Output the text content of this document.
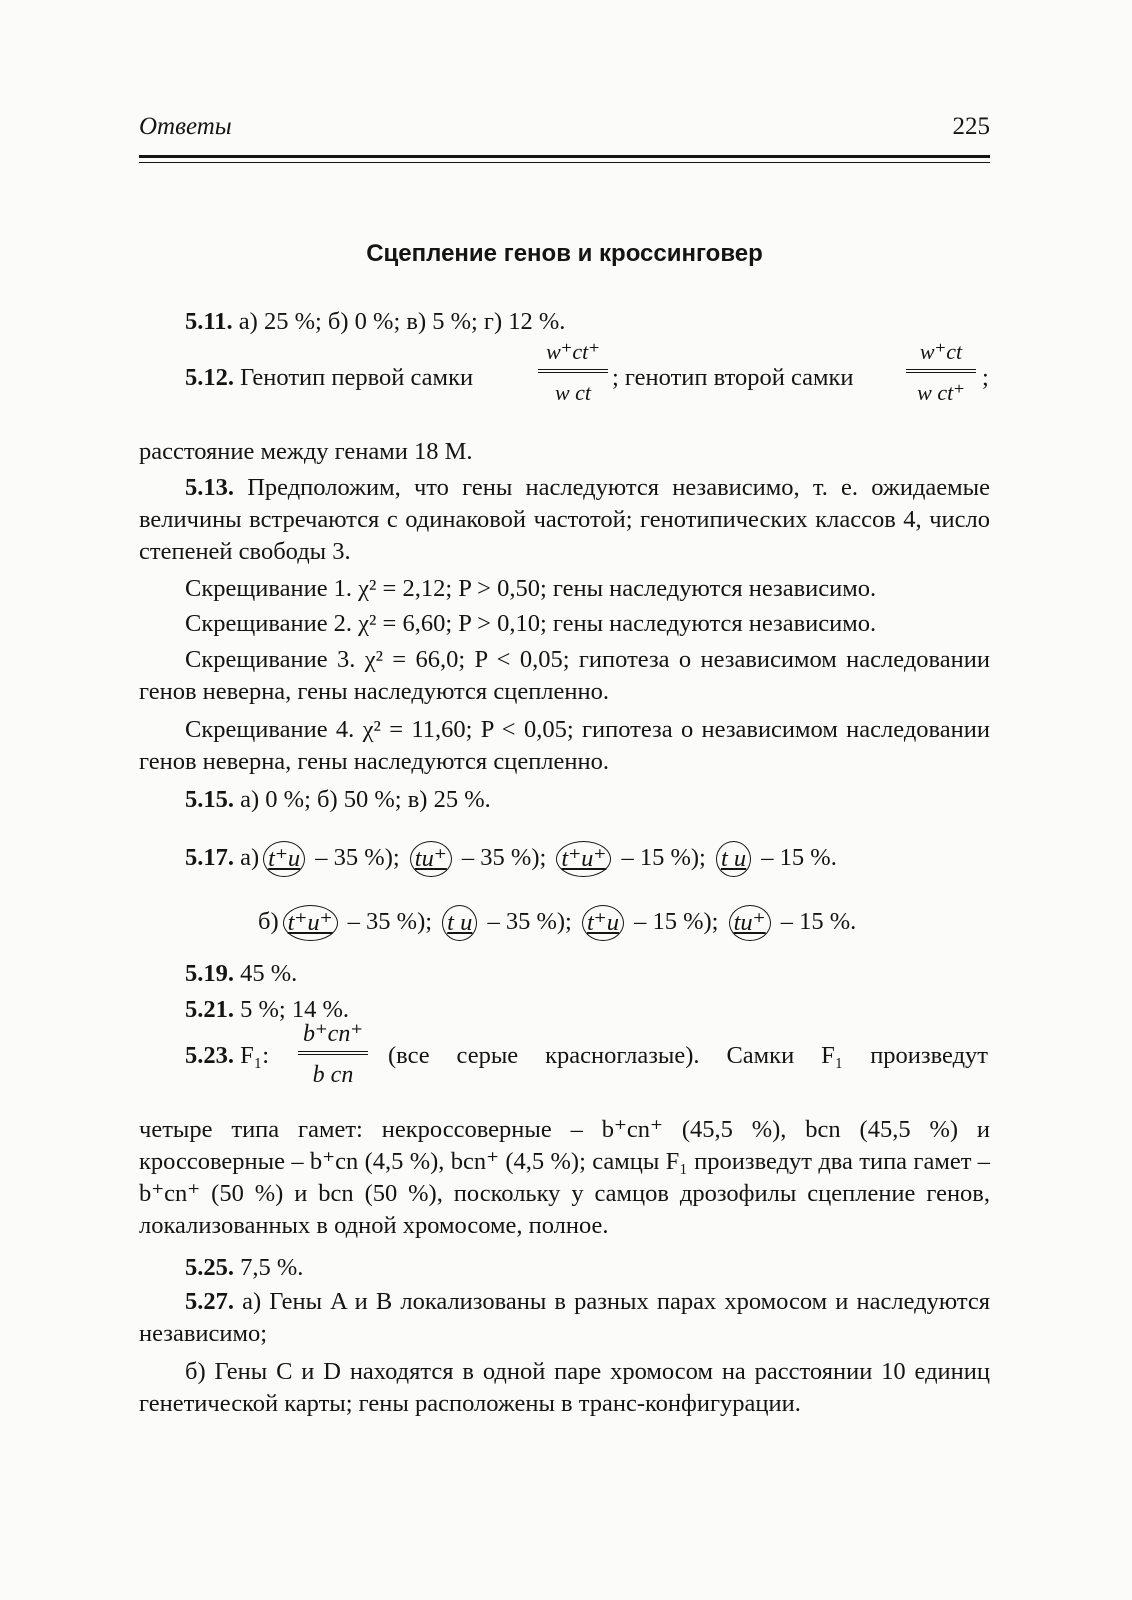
Ответы	225
Сцепление генов и кроссинговер
5.11. а) 25 %; б) 0 %; в) 5 %; г) 12 %.
5.12. Генотип первой самки
w⁺ct⁺
w ct
; генотип второй самки
w⁺ct
w ct⁺
;
расстояние между генами 18 М.
5.13. Предположим, что гены наследуются независимо, т. е. ожидаемые величины встречаются с одинаковой частотой; генотипических классов 4, число степеней свободы 3.
Скрещивание 1. χ² = 2,12; P > 0,50; гены наследуются независимо.
Скрещивание 2. χ² = 6,60; P > 0,10; гены наследуются независимо.
Скрещивание 3. χ² = 66,0; P < 0,05; гипотеза о независимом наследовании генов неверна, гены наследуются сцепленно.
Скрещивание 4. χ² = 11,60; P < 0,05; гипотеза о независимом наследовании генов неверна, гены наследуются сцепленно.
5.15. а) 0 %; б) 50 %; в) 25 %.
5.17. а) t⁺u – 35 %); tu⁺ – 35 %); t⁺u⁺ – 15 %); t u – 15 %.
б) t⁺u⁺ – 35 %); t u – 35 %); t⁺u – 15 %); tu⁺ – 15 %.
5.19. 45 %.
5.21. 5 %; 14 %.
5.23. F₁:
b⁺cn⁺
b cn
(все серые красноглазые). Самки F₁ произведут
четыре типа гамет: некроссоверные – b⁺cn⁺ (45,5 %), bcn (45,5 %) и кроссоверные – b⁺cn (4,5 %), bcn⁺ (4,5 %); самцы F₁ произведут два типа гамет – b⁺cn⁺ (50 %) и bcn (50 %), поскольку у самцов дрозофилы сцепление генов, локализованных в одной хромосоме, полное.
5.25. 7,5 %.
5.27. а) Гены A и B локализованы в разных парах хромосом и наследуются независимо;
б) Гены C и D находятся в одной паре хромосом на расстоянии 10 единиц генетической карты; гены расположены в транс-конфигурации.
